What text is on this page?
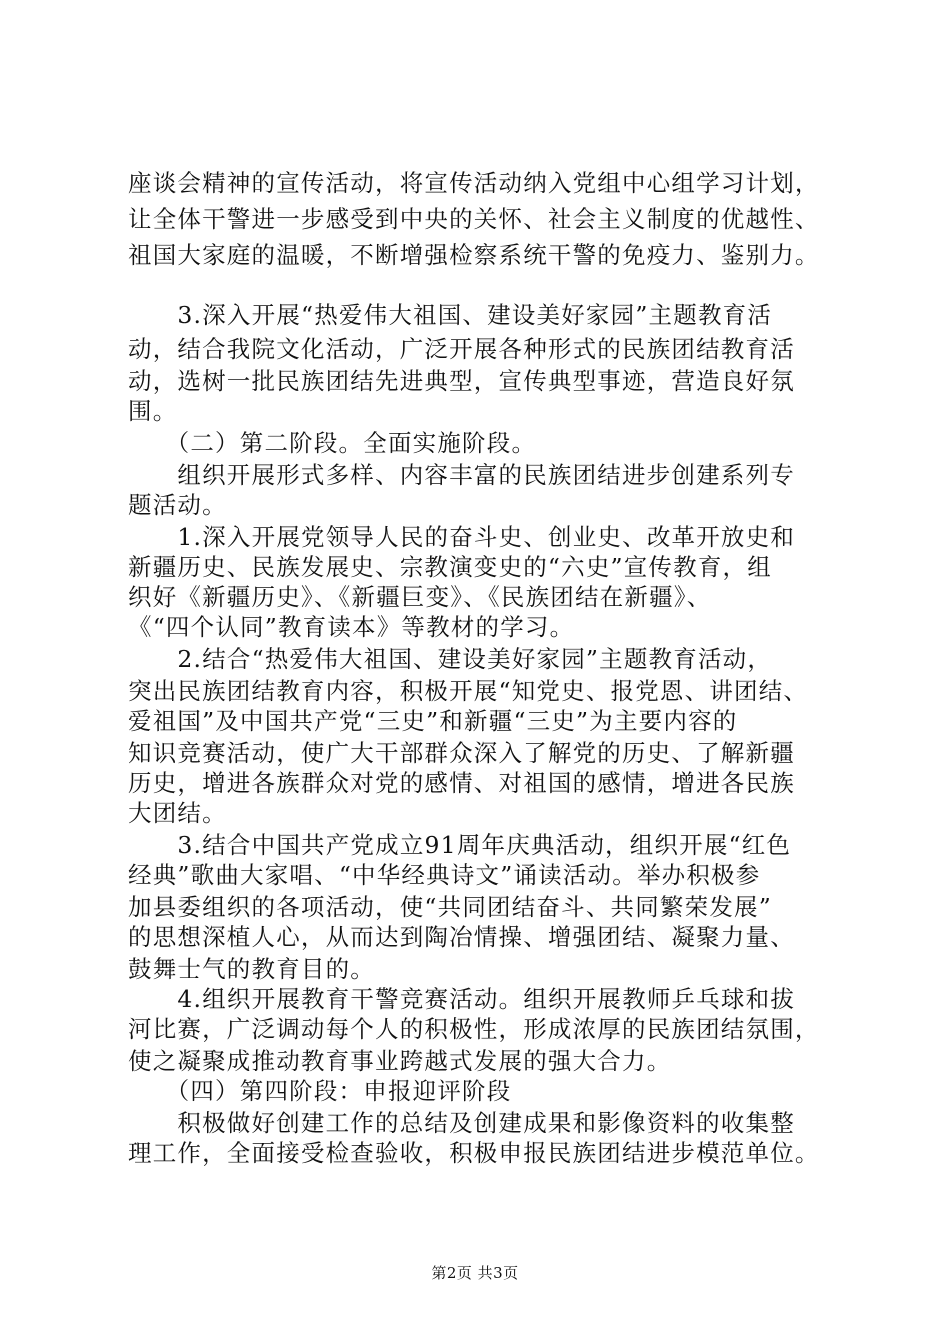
座谈会精神的宣传活动，将宣传活动纳入党组中心组学习计划，
让全体干警进一步感受到中央的关怀、社会主义制度的优越性、
祖国大家庭的温暖，不断增强检察系统干警的免疫力、鉴别力。
　　3.深入开展“热爱伟大祖国、建设美好家园”主题教育活
动，结合我院文化活动，广泛开展各种形式的民族团结教育活
动，选树一批民族团结先进典型，宣传典型事迹，营造良好氛
围。
　　（二）第二阶段。全面实施阶段。
　　组织开展形式多样、内容丰富的民族团结进步创建系列专
题活动。
　　1.深入开展党领导人民的奋斗史、创业史、改革开放史和
新疆历史、民族发展史、宗教演变史的“六史”宣传教育，组
织好《新疆历史》、《新疆巨变》、《民族团结在新疆》、
《“四个认同”教育读本》等教材的学习。
　　2.结合“热爱伟大祖国、建设美好家园”主题教育活动，
突出民族团结教育内容，积极开展“知党史、报党恩、讲团结、
爱祖国”及中国共产党“三史”和新疆“三史”为主要内容的
知识竞赛活动，使广大干部群众深入了解党的历史、了解新疆
历史，增进各族群众对党的感情、对祖国的感情，增进各民族
大团结。
　　3.结合中国共产党成立91周年庆典活动，组织开展“红色
经典”歌曲大家唱、“中华经典诗文”诵读活动。举办积极参
加县委组织的各项活动，使“共同团结奋斗、共同繁荣发展”
的思想深植人心，从而达到陶冶情操、增强团结、凝聚力量、
鼓舞士气的教育目的。
　　4.组织开展教育干警竞赛活动。组织开展教师乒乓球和拔
河比赛，广泛调动每个人的积极性，形成浓厚的民族团结氛围，
使之凝聚成推动教育事业跨越式发展的强大合力。
　　（四）第四阶段：申报迎评阶段
　　积极做好创建工作的总结及创建成果和影像资料的收集整
理工作，全面接受检查验收，积极申报民族团结进步模范单位。
第2页 共3页
